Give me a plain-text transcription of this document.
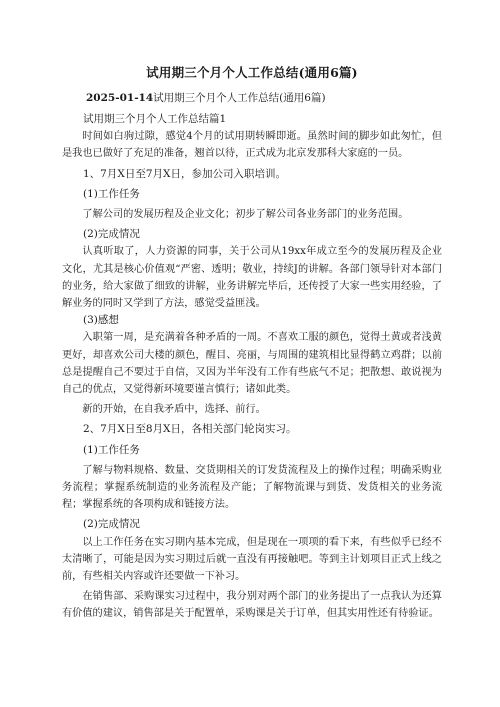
试用期三个月个人工作总结(通用6篇)
2025-01-14试用期三个月个人工作总结(通用6篇)

试用期三个月个人工作总结篇1

时间如白驹过隙，感觉4个月的试用期转瞬即逝。虽然时间的脚步如此匆忙，但是我也已做好了充足的准备，翘首以待，正式成为北京发那科大家庭的一员。

1、7月X日至7月X日，参加公司入职培训。

(1)工作任务

了解公司的发展历程及企业文化；初步了解公司各业务部门的业务范围。

(2)完成情况

认真听取了，人力资源的同事，关于公司从19xx年成立至今的发展历程及企业文化，尤其是核心价值观“严密、透明；敬业，持续J的讲解。各部门领导针对本部门的业务，给大家做了细致的讲解，业务讲解完毕后，还传授了大家一些实用经验，了解业务的同时又学到了方法，感觉受益匪浅。

(3)感想

入职第一周，是充满着各种矛盾的一周。不喜欢工服的颜色，觉得土黄或者浅黄更好，却喜欢公司大楼的颜色，醒目、亮丽，与周围的建筑相比显得鹤立鸡群；以前总是提醒自己不要过于自信，又因为半年没有工作有些底气不足；把散想、敢说视为自己的优点，又觉得新环境要谨言慎行；诸如此类。

新的开始，在自我矛盾中，选择、前行。

2、7月X日至8月X日，各相关部门轮岗实习。

(1)工作任务

了解与物料规格、数量、交货期相关的订发货流程及上的操作过程；明确采购业务流程；掌握系统制造的业务流程及产能；了解物流课与到货、发货相关的业务流程；掌握系统的各项构成和链接方法。

(2)完成情况

以上工作任务在实习期内基本完成，但是现在一项项的看下来，有些似乎已经不太清晰了，可能是因为实习期过后就一直没有再接触吧。等到主计划项目正式上线之前，有些相关内容或许还要做一下补习。

在销售部、采购课实习过程中，我分别对两个部门的业务提出了一点我认为还算有价值的建议，销售部是关于配置单，采购课是关于订单，但其实用性还有待验证。
